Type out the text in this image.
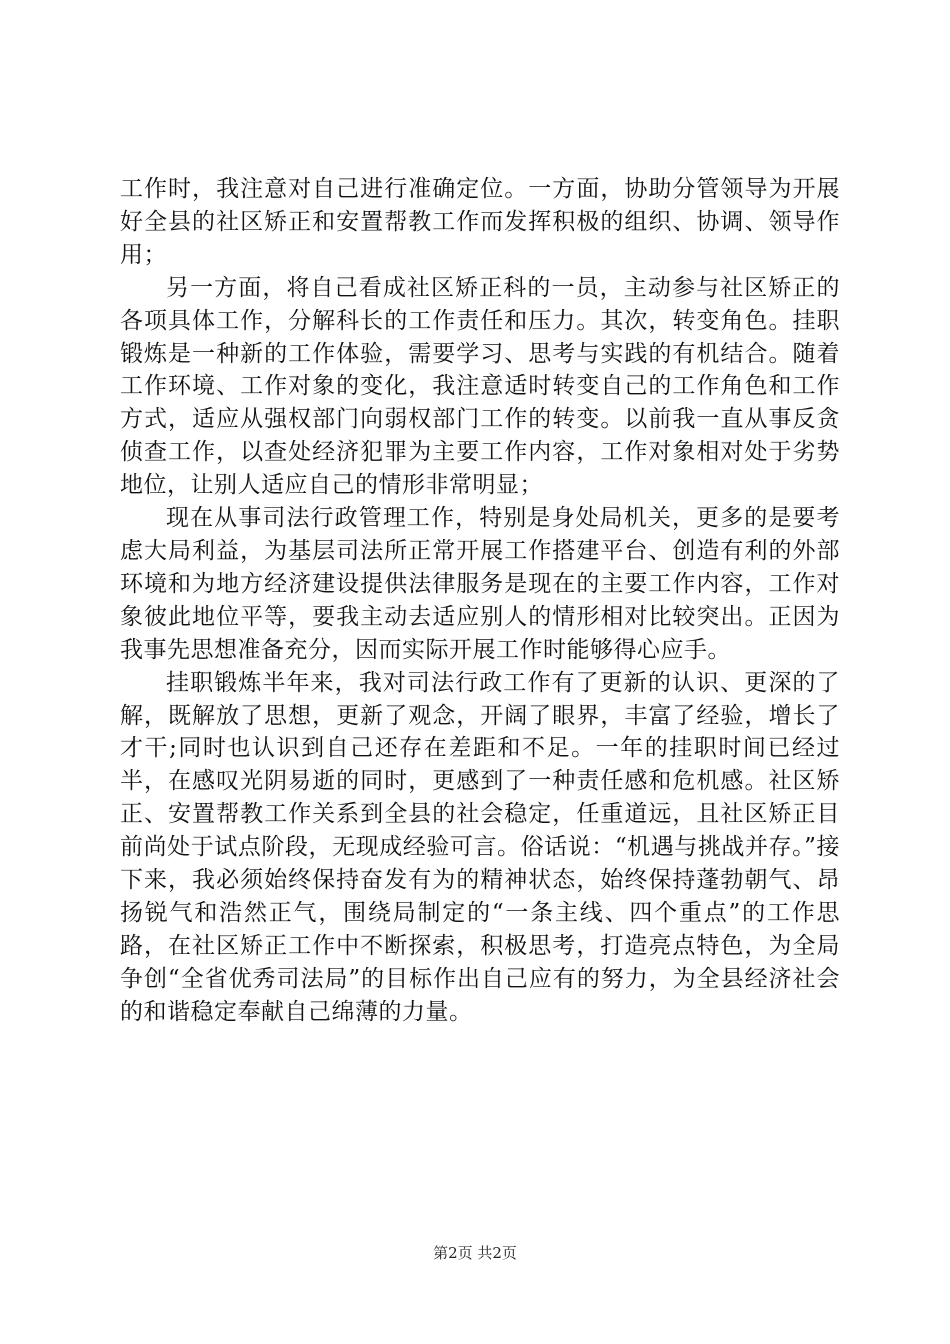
工作时，我注意对自己进行准确定位。一方面，协助分管领导为开展好全县的社区矫正和安置帮教工作而发挥积极的组织、协调、领导作用；

另一方面，将自己看成社区矫正科的一员，主动参与社区矫正的各项具体工作，分解科长的工作责任和压力。其次，转变角色。挂职锻炼是一种新的工作体验，需要学习、思考与实践的有机结合。随着工作环境、工作对象的变化，我注意适时转变自己的工作角色和工作方式，适应从强权部门向弱权部门工作的转变。以前我一直从事反贪侦查工作，以查处经济犯罪为主要工作内容，工作对象相对处于劣势地位，让别人适应自己的情形非常明显；

现在从事司法行政管理工作，特别是身处局机关，更多的是要考虑大局利益，为基层司法所正常开展工作搭建平台、创造有利的外部环境和为地方经济建设提供法律服务是现在的主要工作内容，工作对象彼此地位平等，要我主动去适应别人的情形相对比较突出。正因为我事先思想准备充分，因而实际开展工作时能够得心应手。

挂职锻炼半年来，我对司法行政工作有了更新的认识、更深的了解，既解放了思想，更新了观念，开阔了眼界，丰富了经验，增长了才干;同时也认识到自己还存在差距和不足。一年的挂职时间已经过半，在感叹光阴易逝的同时，更感到了一种责任感和危机感。社区矫正、安置帮教工作关系到全县的社会稳定，任重道远，且社区矫正目前尚处于试点阶段，无现成经验可言。俗话说：“机遇与挑战并存。”接下来，我必须始终保持奋发有为的精神状态，始终保持蓬勃朝气、昂扬锐气和浩然正气，围绕局制定的“一条主线、四个重点”的工作思路，在社区矫正工作中不断探索，积极思考，打造亮点特色，为全局争创“全省优秀司法局”的目标作出自己应有的努力，为全县经济社会的和谐稳定奉献自己绵薄的力量。

第2页 共2页
